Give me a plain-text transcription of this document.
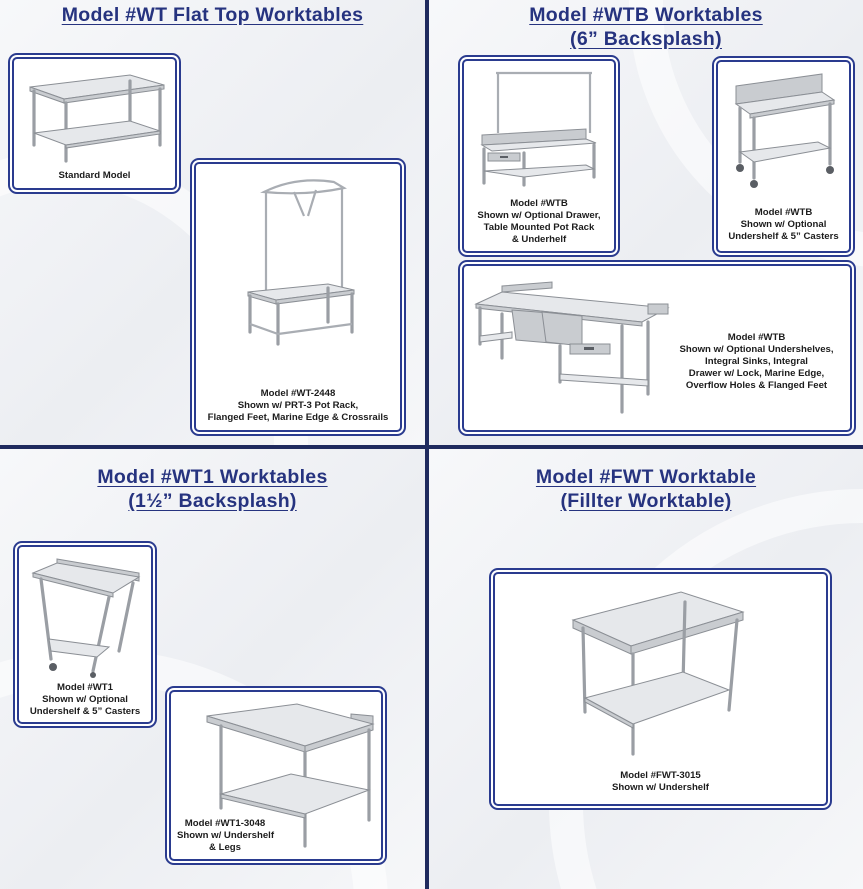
Model #WT Flat Top Worktables
Standard Model
Model #WT-2448
Shown w/ PRT-3 Pot Rack,
Flanged Feet, Marine Edge & Crossrails
Model #WTB Worktables
(6” Backsplash)
Model #WTB
Shown w/ Optional Drawer,
Table Mounted Pot Rack
& Underhelf
Model #WTB
Shown w/ Optional
Undershelf & 5” Casters
Model #WTB
Shown w/ Optional Undershelves,
Integral Sinks, Integral
Drawer w/ Lock, Marine Edge,
Overflow Holes & Flanged Feet
Model #WT1 Worktables
(1½” Backsplash)
Model #WT1
Shown w/ Optional
Undershelf & 5” Casters
Model #WT1-3048
Shown w/ Undershelf
& Legs
Model #FWT Worktable
(Fillter Worktable)
Model #FWT-3015
Shown w/ Undershelf
